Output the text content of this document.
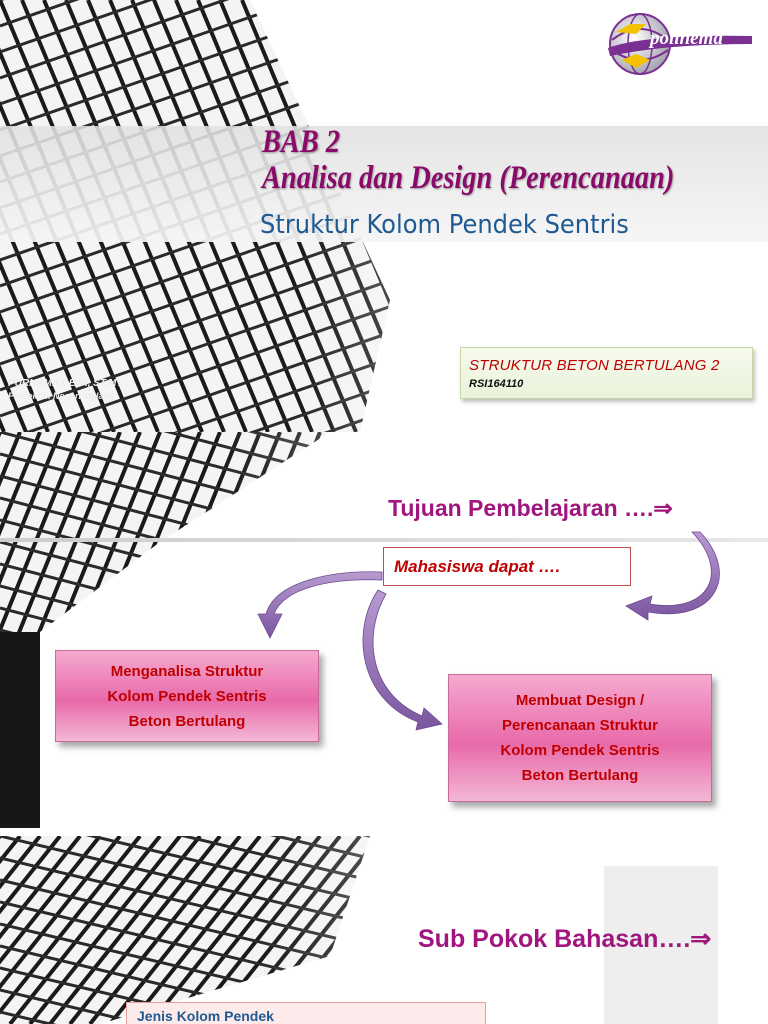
BAB 2
Analisa dan Design (Perencanaan)
Struktur Kolom Pendek Sentris
polinema
PURNAMA DEWI, ST.MT
Politeknik Negeri Malang
STRUKTUR BETON BERTULANG 2
RSI164110
Tujuan Pembelajaran ….⇒
Mahasiswa dapat ….
Menganalisa Struktur
Kolom Pendek Sentris
Beton Bertulang
Membuat Design /
Perencanaan Struktur
Kolom Pendek Sentris
Beton Bertulang
Sub Pokok Bahasan….⇒
Jenis Kolom Pendek
